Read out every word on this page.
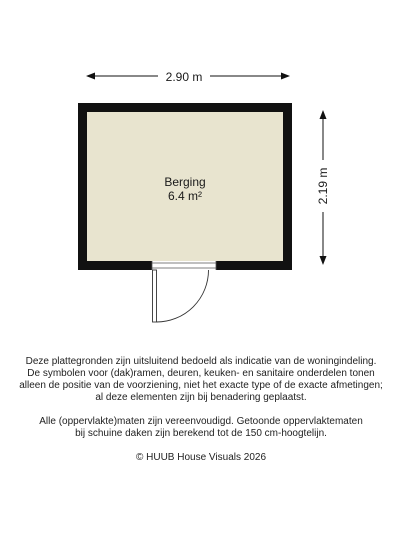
2.90 m
2.19 m
Berging
6.4 m²

Deze plattegronden zijn uitsluitend bedoeld als indicatie van de woningindeling.

De symbolen voor (dak)ramen, deuren, keuken- en sanitaire onderdelen tonen

alleen de positie van de voorziening, niet het exacte type of de exacte afmetingen;

al deze elementen zijn bij benadering geplaatst.

Alle (oppervlakte)maten zijn vereenvoudigd. Getoonde oppervlaktematen

bij schuine daken zijn berekend tot de 150 cm-hoogtelijn.

© HUUB House Visuals 2026
